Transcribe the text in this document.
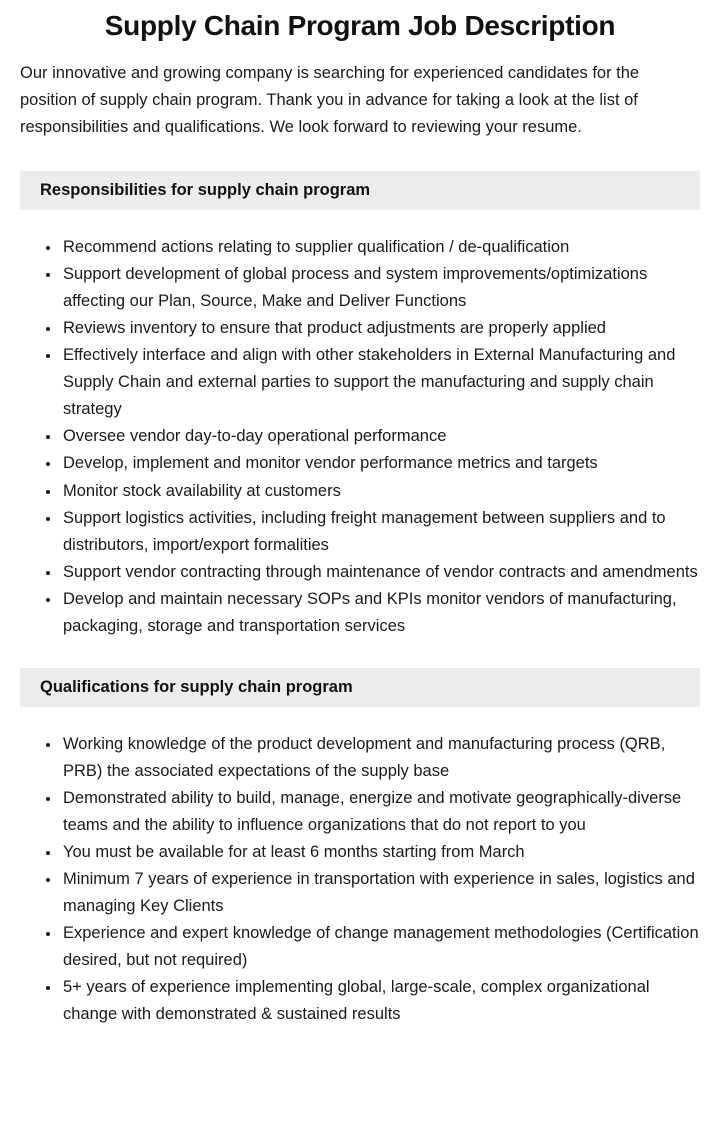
Supply Chain Program Job Description

Our innovative and growing company is searching for experienced candidates for the position of supply chain program. Thank you in advance for taking a look at the list of responsibilities and qualifications. We look forward to reviewing your resume.

Responsibilities for supply chain program
• Recommend actions relating to supplier qualification / de-qualification
• Support development of global process and system improvements/optimizations affecting our Plan, Source, Make and Deliver Functions
• Reviews inventory to ensure that product adjustments are properly applied
• Effectively interface and align with other stakeholders in External Manufacturing and Supply Chain and external parties to support the manufacturing and supply chain strategy
• Oversee vendor day-to-day operational performance
• Develop, implement and monitor vendor performance metrics and targets
• Monitor stock availability at customers
• Support logistics activities, including freight management between suppliers and to distributors, import/export formalities
• Support vendor contracting through maintenance of vendor contracts and amendments
• Develop and maintain necessary SOPs and KPIs monitor vendors of manufacturing, packaging, storage and transportation services
Qualifications for supply chain program
• Working knowledge of the product development and manufacturing process (QRB, PRB) the associated expectations of the supply base
• Demonstrated ability to build, manage, energize and motivate geographically-diverse teams and the ability to influence organizations that do not report to you
• You must be available for at least 6 months starting from March
• Minimum 7 years of experience in transportation with experience in sales, logistics and managing Key Clients
• Experience and expert knowledge of change management methodologies (Certification desired, but not required)
• 5+ years of experience implementing global, large-scale, complex organizational change with demonstrated & sustained results
